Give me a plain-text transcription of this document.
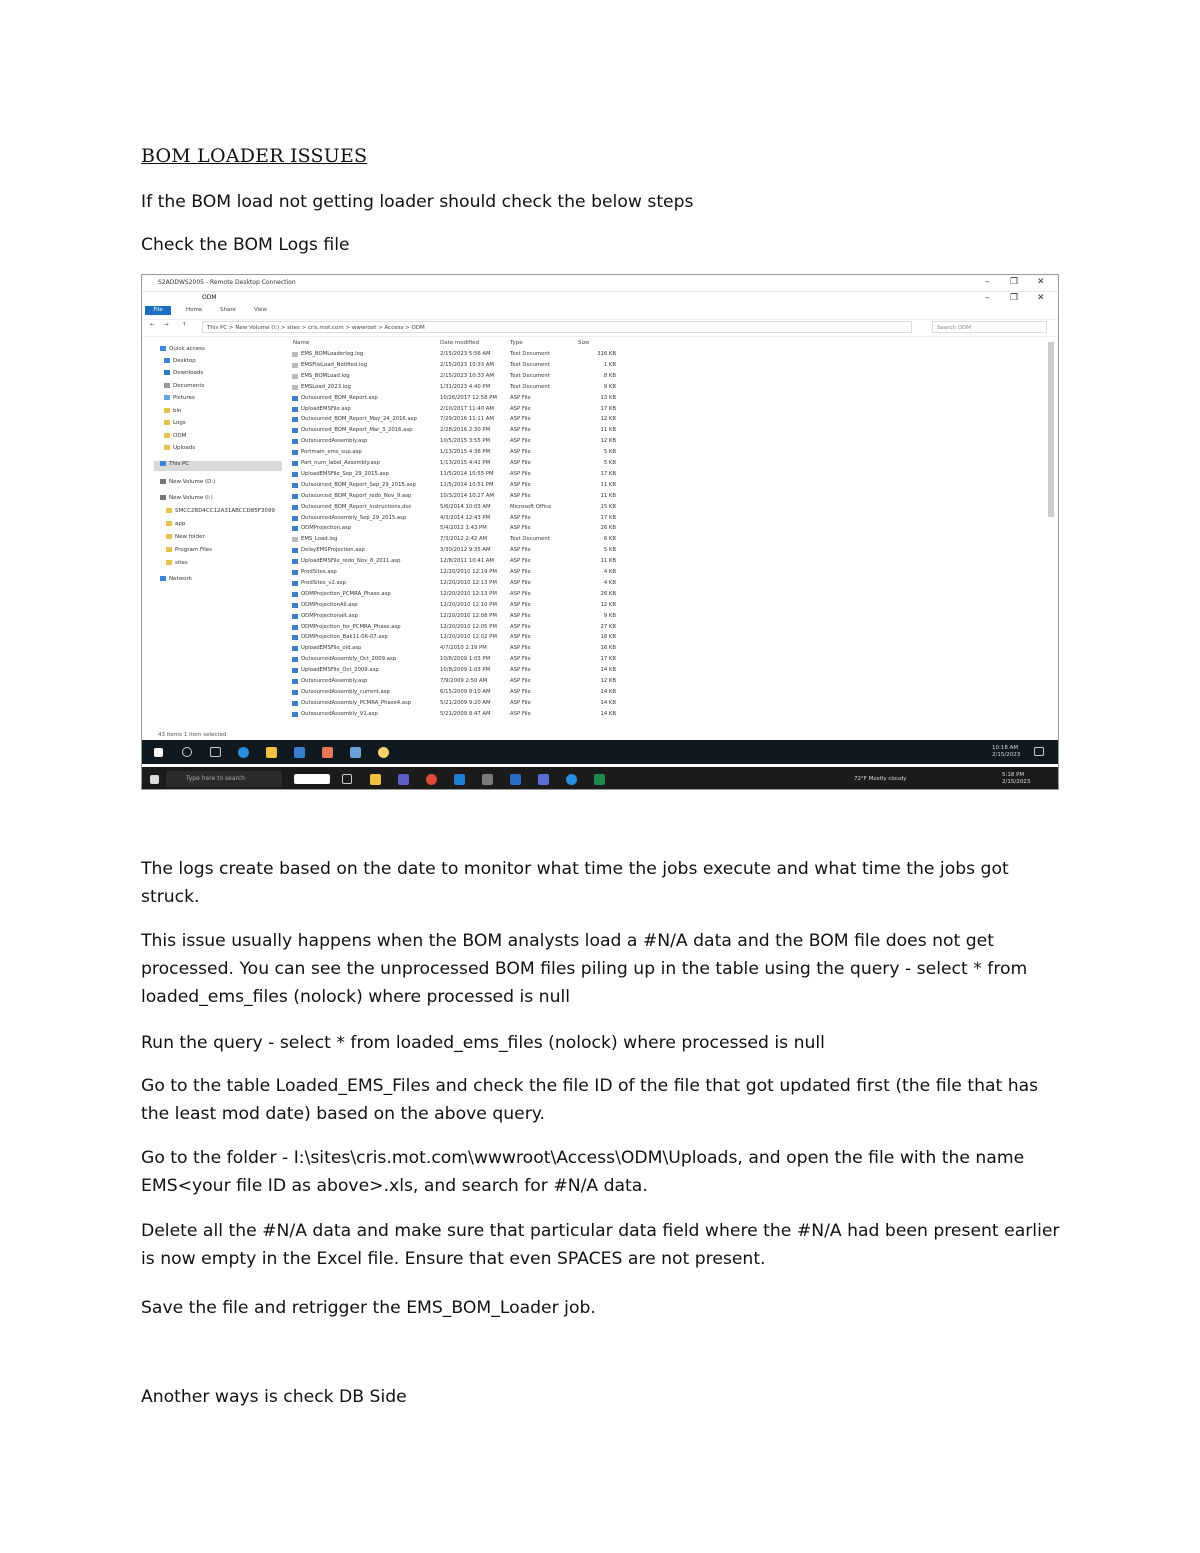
BOM LOADER ISSUES
If the BOM load not getting loader should check the below steps
Check the BOM Logs file
S2ADDWS2005 - Remote Desktop Connection	– ❐ ✕
ODM	– ❐ ✕
File	Home	Share	View
← → ↑	This PC > New Volume (I:) > sites > cris.mot.com > wwwroot > Access > ODM	Search ODM
Quick access
Desktop
Downloads
Documents
Pictures
bin
Logs
ODM
Uploads
This PC
New Volume (D:)
New Volume (I:)
SMCC2BD4CC12A31ABCCD85F3099
app
New folder
Program Files
sites
Network
Name	Date modified	Type	Size
EMS_BOMLoaderlog.log	2/15/2023 5:56 AM	Text Document	316 KB
EMSFileLoad_Notified.log	2/15/2023 10:33 AM	Text Document	1 KB
EMS_BOMLoad.log	2/15/2023 10:33 AM	Text Document	8 KB
EMSLoad_2023.log	1/31/2023 4:40 PM	Text Document	9 KB
Outsourced_BOM_Report.asp	10/26/2017 12:58 PM	ASP File	13 KB
UploadEMSFile.asp	2/10/2017 11:40 AM	ASP File	17 KB
Outsourced_BOM_Report_May_24_2016.asp	7/29/2016 11:11 AM	ASP File	12 KB
Outsourced_BOM_Report_Mar_3_2016.asp	2/28/2016 2:30 PM	ASP File	11 KB
OutsourcedAssembly.asp	10/5/2015 3:55 PM	ASP File	12 KB
Portmain_ems_sup.asp	1/13/2015 4:36 PM	ASP File	5 KB
Part_num_label_Assembly.asp	1/13/2015 4:41 PM	ASP File	5 KB
UploadEMSFile_Sep_29_2015.asp	11/5/2014 10:55 PM	ASP File	17 KB
Outsourced_BOM_Report_Sep_29_2015.asp	11/5/2014 10:51 PM	ASP File	11 KB
Outsourced_BOM_Report_redo_Nov_9.asp	10/3/2014 10:27 AM	ASP File	11 KB
Outsourced_BOM_Report_Instructions.doc	5/6/2014 10:03 AM	Microsoft Office	15 KB
OutsourcedAssembly_Sep_29_2015.asp	4/3/2014 12:43 PM	ASP File	17 KB
ODMProjection.asp	5/4/2012 1:43 PM	ASP File	26 KB
EMS_Load.log	7/3/2012 2:42 AM	Text Document	6 KB
DelayEMSProjection.asp	3/30/2012 9:35 AM	ASP File	5 KB
UploadEMSFile_redo_Nov_8_2011.asp	12/8/2011 10:41 AM	ASP File	11 KB
ProdSites.asp	12/20/2010 12:19 PM	ASP File	4 KB
ProdSites_v2.asp	12/20/2010 12:13 PM	ASP File	4 KB
ODMProjection_PCMRA_Phase.asp	12/20/2010 12:13 PM	ASP File	26 KB
ODMProjectionAll.asp	12/20/2010 12:10 PM	ASP File	12 KB
ODMProjectionalt.asp	12/20/2010 12:08 PM	ASP File	9 KB
ODMProjection_for_PCMRA_Phase.asp	12/20/2010 12:05 PM	ASP File	27 KB
ODMProjection_Bak11-06-07.asp	12/20/2010 12:02 PM	ASP File	18 KB
UploadEMSFile_old.asp	4/7/2010 2:19 PM	ASP File	16 KB
OutsourcedAssembly_Oct_2009.asp	10/8/2009 1:03 PM	ASP File	17 KB
UploadEMSFile_Oct_2009.asp	10/8/2009 1:03 PM	ASP File	14 KB
OutsourcedAssembly.asp	7/9/2009 2:50 AM	ASP File	12 KB
OutsourcedAssembly_current.asp	6/15/2009 8:10 AM	ASP File	14 KB
OutsourcedAssembly_PCMRA_Phase4.asp	5/21/2009 9:20 AM	ASP File	14 KB
OutsourcedAssembly_V1.asp	5/21/2009 8:47 AM	ASP File	14 KB
43 items 1 item selected
10:18 AM
2/15/2023
Type here to search	72°F Mostly cloudy
5:18 PM
2/15/2023
The logs create based on the date to monitor what time the jobs execute and what time the jobs got struck.
This issue usually happens when the BOM analysts load a #N/A data and the BOM file does not get processed. You can see the unprocessed BOM files piling up in the table using the query - select * from loaded_ems_files (nolock) where processed is null
Run the query - select * from loaded_ems_files (nolock) where processed is null
Go to the table Loaded_EMS_Files and check the file ID of the file that got updated first (the file that has the least mod date) based on the above query.
Go to the folder - I:\sites\cris.mot.com\wwwroot\Access\ODM\Uploads, and open the file with the name EMS<your file ID as above>.xls, and search for #N/A data.
Delete all the #N/A data and make sure that particular data field where the #N/A had been present earlier is now empty in the Excel file. Ensure that even SPACES are not present.
Save the file and retrigger the EMS_BOM_Loader job.
Another ways is check DB Side
